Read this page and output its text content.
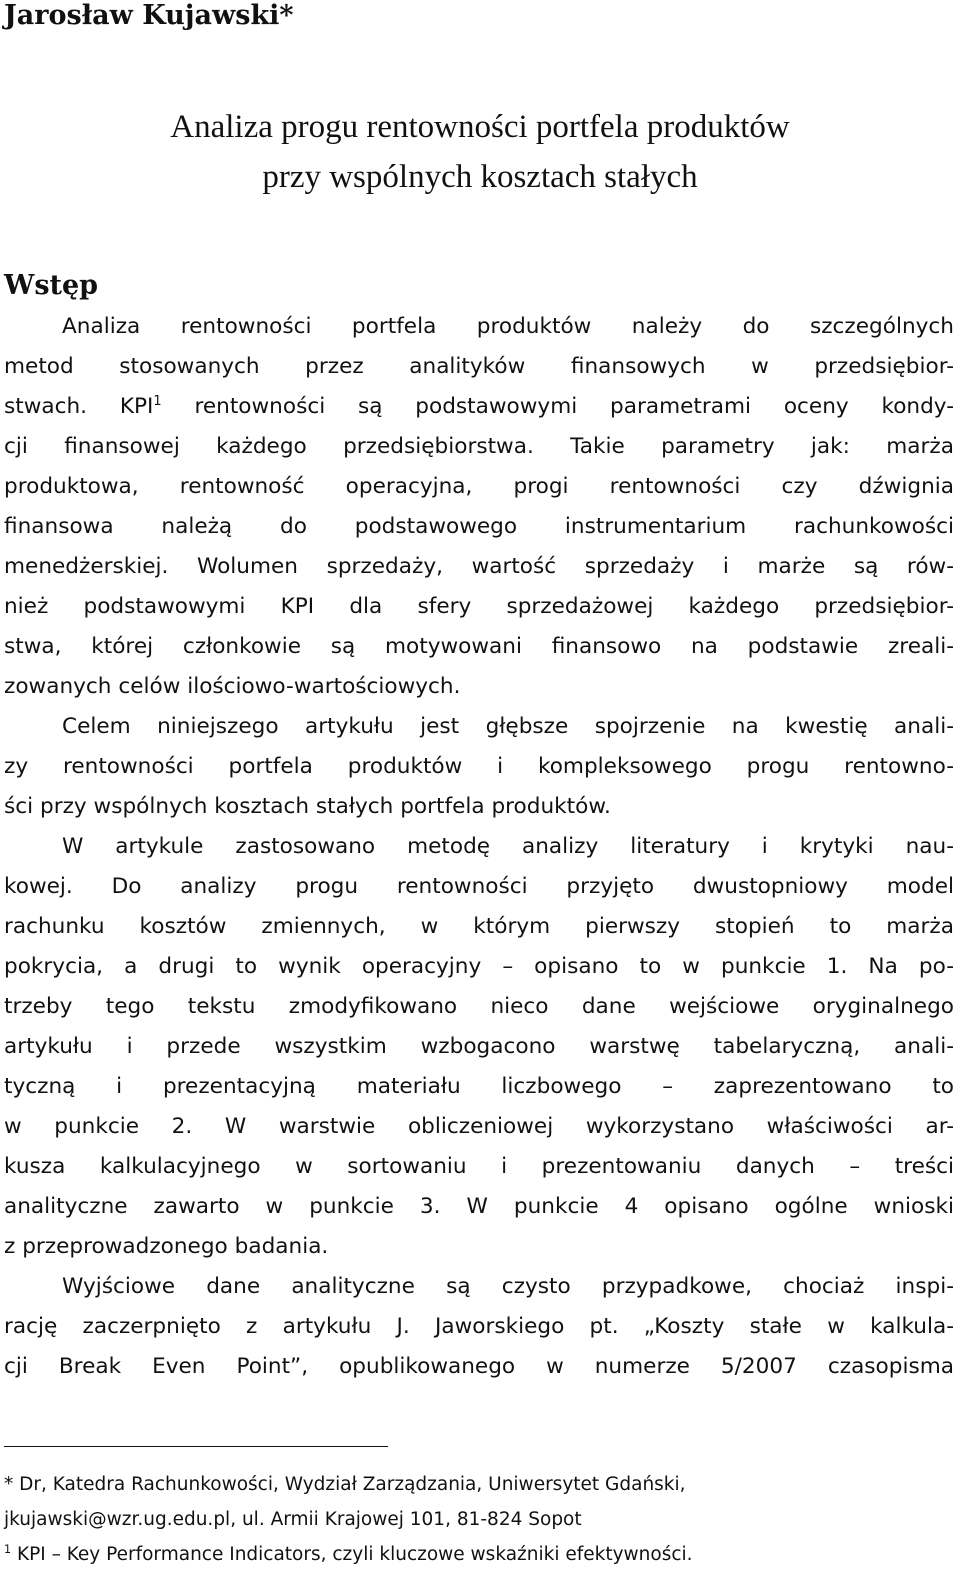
Jarosław Kujawski*
Analiza progu rentowności portfela produktów
przy wspólnych kosztach stałych
Wstęp
Analiza rentowności portfela produktów należy do szczególnych
metod stosowanych przez analityków finansowych w przedsiębior-
stwach. KPI$^1$ rentowności są podstawowymi parametrami oceny kondy-
cji finansowej każdego przedsiębiorstwa. Takie parametry jak: marża
produktowa, rentowność operacyjna, progi rentowności czy dźwignia
finansowa należą do podstawowego instrumentarium rachunkowości
menedżerskiej. Wolumen sprzedaży, wartość sprzedaży i marże są rów-
nież podstawowymi KPI dla sfery sprzedażowej każdego przedsiębior-
stwa, której członkowie są motywowani finansowo na podstawie zreali-
zowanych celów ilościowo-wartościowych.
Celem niniejszego artykułu jest głębsze spojrzenie na kwestię anali-
zy rentowności portfela produktów i kompleksowego progu rentowno-
ści przy wspólnych kosztach stałych portfela produktów.
W artykule zastosowano metodę analizy literatury i krytyki nau-
kowej. Do analizy progu rentowności przyjęto dwustopniowy model
rachunku kosztów zmiennych, w którym pierwszy stopień to marża
pokrycia, a drugi to wynik operacyjny – opisano to w punkcie 1. Na po-
trzeby tego tekstu zmodyfikowano nieco dane wejściowe oryginalnego
artykułu i przede wszystkim wzbogacono warstwę tabelaryczną, anali-
tyczną i prezentacyjną materiału liczbowego – zaprezentowano to
w punkcie 2. W warstwie obliczeniowej wykorzystano właściwości ar-
kusza kalkulacyjnego w sortowaniu i prezentowaniu danych – treści
analityczne zawarto w punkcie 3. W punkcie 4 opisano ogólne wnioski
z przeprowadzonego badania.
Wyjściowe dane analityczne są czysto przypadkowe, chociaż inspi-
rację zaczerpnięto z artykułu J. Jaworskiego pt. „Koszty stałe w kalkula-
cji Break Even Point”, opublikowanego w numerze 5/2007 czasopisma
* Dr, Katedra Rachunkowości, Wydział Zarządzania, Uniwersytet Gdański,
jkujawski@wzr.ug.edu.pl, ul. Armii Krajowej 101, 81-824 Sopot
$^1$ KPI – Key Performance Indicators, czyli kluczowe wskaźniki efektywności.
